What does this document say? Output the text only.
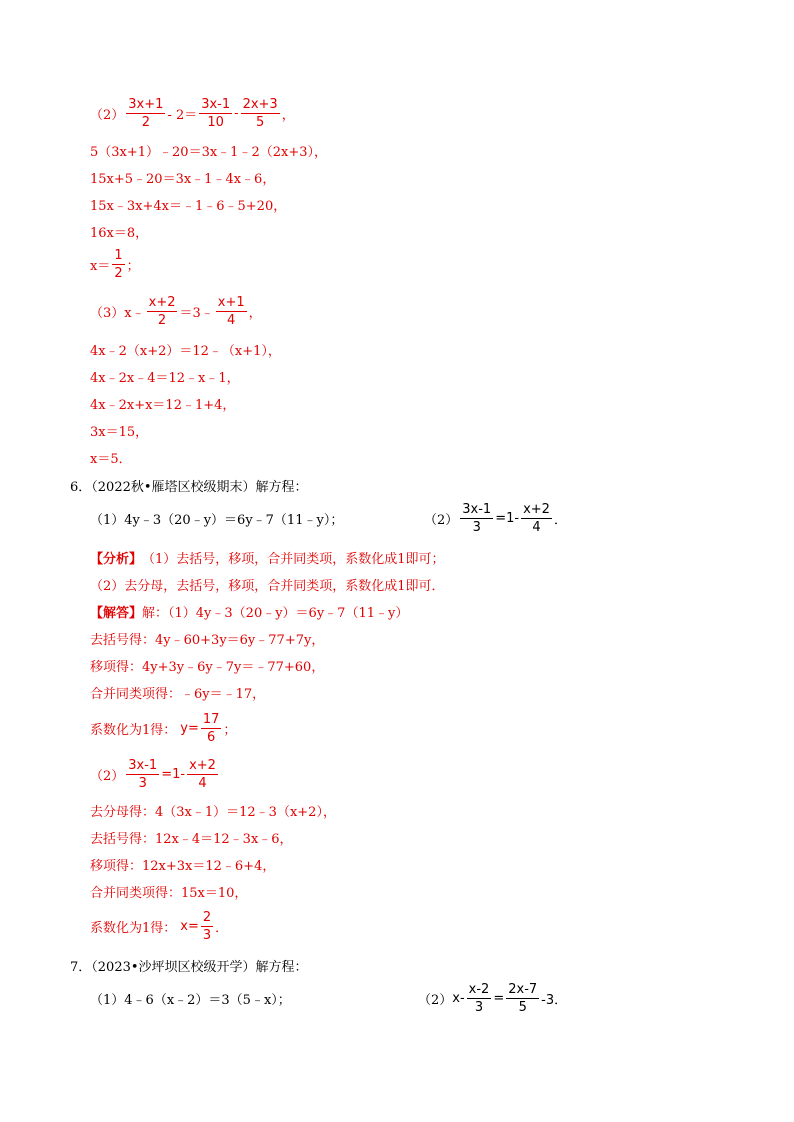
$(2) \frac{3x+1}{2} - 2= \frac{3x-1}{10} - \frac{2x+3}{5}$ ，
5（3x+1）﹣20＝3x﹣1﹣2（2x+3），
15x+5﹣20＝3x﹣1﹣4x﹣6，
15x﹣3x+4x＝﹣1﹣6﹣5+20，
16x＝8，
$x= \frac{1}{2}$ ；
（3） x﹣ $\frac{x+2}{2}$ ＝3﹣ $\frac{x+1}{4}$ ，
4x﹣2（x+2）＝12﹣（x+1），
4x﹣2x﹣4＝12﹣x﹣1，
4x﹣2x+x＝12﹣1+4，
3x＝15，
x＝5．
6．（2022秋•雁塔区校级期末）解方程：
（1）4y﹣3（20﹣y）＝6y﹣7（11﹣y）；	$(2) \frac{3x-1}{3} =1- \frac{x+2}{4}$ ．
【分析】 （1）去括号，移项，合并同类项，系数化成1即可；
（2）去分母，去括号，移项，合并同类项，系数化成1即可．
【解答】 解：（1）4y﹣3（20﹣y）＝6y﹣7（11﹣y）
去括号得：4y﹣60+3y＝6y﹣77+7y，
移项得：4y+3y﹣6y﹣7y＝﹣77+60，
合并同类项得：﹣6y＝﹣17，
系数化为1得： $y= \frac{17}{6}$ ；
$(2) \frac{3x-1}{3} =1- \frac{x+2}{4}$
去分母得：4（3x﹣1）＝12﹣3（x+2），
去括号得：12x﹣4＝12﹣3x﹣6，
移项得：12x+3x＝12﹣6+4，
合并同类项得：15x＝10，
系数化为1得： $x= \frac{2}{3}$ ．
7．（2023•沙坪坝区校级开学）解方程：
（1）4﹣6（x﹣2）＝3（5﹣x）；	（2） $x- \frac{x-2}{3} = \frac{2x-7}{5} -3$．
